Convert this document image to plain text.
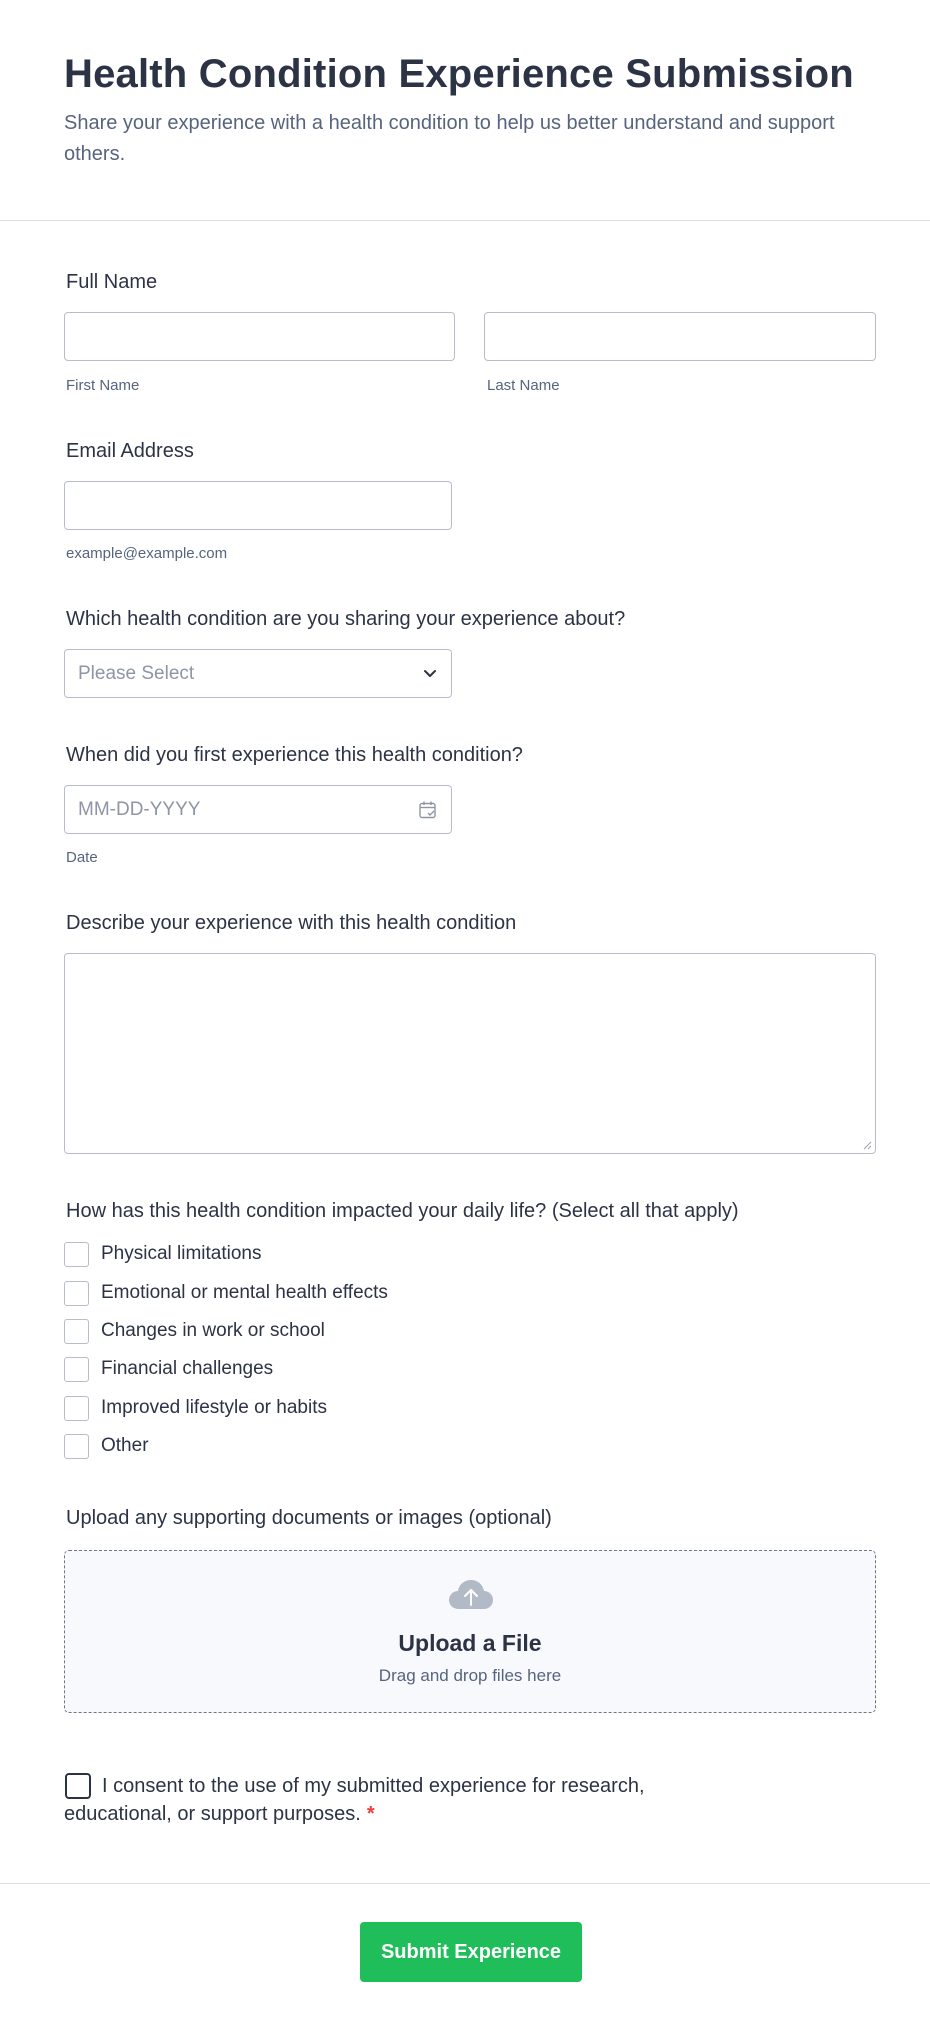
Health Condition Experience Submission

Share your experience with a health condition to help us better understand and support others.

Full Name
First Name	Last Name
Email Address
example@example.com
Which health condition are you sharing your experience about?
Please Select
When did you first experience this health condition?
MM-DD-YYYY
Date
Describe your experience with this health condition
How has this health condition impacted your daily life? (Select all that apply)
Physical limitations
Emotional or mental health effects
Changes in work or school
Financial challenges
Improved lifestyle or habits
Other
Upload any supporting documents or images (optional)
Upload a File
Drag and drop files here
I consent to the use of my submitted experience for research, educational, or support purposes. *
Submit Experience
